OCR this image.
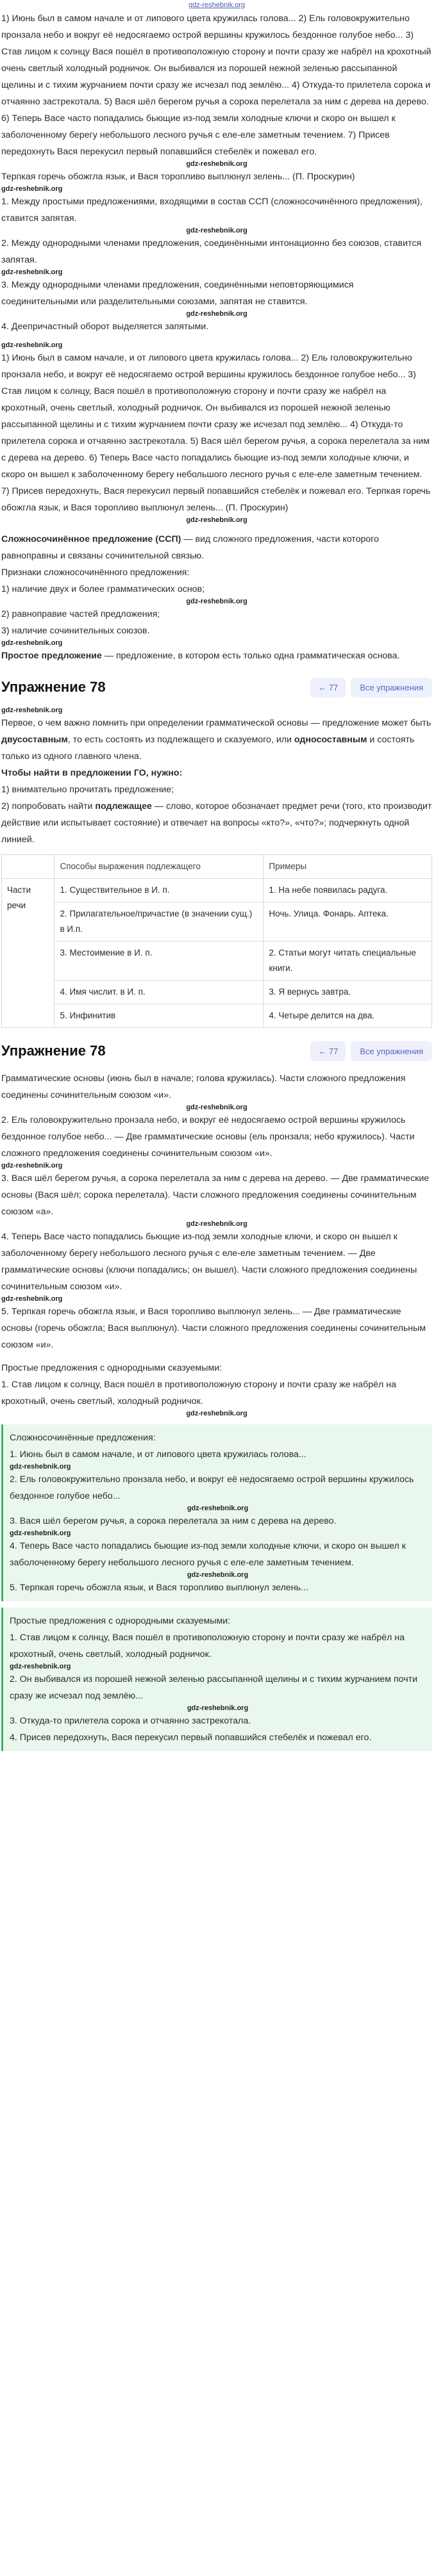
gdz-reshebnik.org

1) Июнь был в самом начале и от липового цвета кружилась голова... 2) Ель головокружительно пронзала небо и вокруг её недосягаемо острой вершины кружилось бездонное голубое небо... 3) Став лицом к солнцу Вася пошёл в противоположную сторону и почти сразу же набрёл на крохотный очень светлый холодный родничок. Он выбивался из порошей нежной зеленью рассыпанной щелины и с тихим журчанием почти сразу же исчезал под землёю... 4) Откуда-то прилетела сорока и отчаянно застрекотала. 5) Вася шёл берегом ручья а сорока перелетала за ним с дерева на дерево. 6) Теперь Васе часто попадались бьющие из-под земли холодные ключи и скоро он вышел к заболоченному берегу небольшого лесного ручья с еле-еле заметным течением. 7) Присев передохнуть Вася перекусил первый попавшийся стебелёк и пожевал его.

gdz-reshebnik.org

Терпкая горечь обожгла язык, и Вася торопливо выплюнул зелень... (П. Проскурин)

gdz-reshebnik.org

1. Между простыми предложениями, входящими в состав ССП (сложносочинённого предложения), ставится запятая.

gdz-reshebnik.org

2. Между однородными членами предложения, соединёнными интонационно без союзов, ставится запятая.

gdz-reshebnik.org

3. Между однородными членами предложения, соединёнными неповторяющимися соединительными или разделительными союзами, запятая не ставится.

gdz-reshebnik.org

4. Деепричастный оборот выделяется запятыми.

gdz-reshebnik.org

1) Июнь был в самом начале, и от липового цвета кружилась голова... 2) Ель головокружительно пронзала небо, и вокруг её недосягаемо острой вершины кружилось бездонное голубое небо... 3) Став лицом к солнцу, Вася пошёл в противоположную сторону и почти сразу же набрёл на крохотный, очень светлый, холодный родничок. Он выбивался из порошей нежной зеленью рассыпанной щелины и с тихим журчанием почти сразу же исчезал под землёю... 4) Откуда-то прилетела сорока и отчаянно застрекотала. 5) Вася шёл берегом ручья, а сорока перелетала за ним с дерева на дерево. 6) Теперь Васе часто попадались бьющие из-под земли холодные ключи, и скоро он вышел к заболоченному берегу небольшого лесного ручья с еле-еле заметным течением. 7) Присев передохнуть, Вася перекусил первый попавшийся стебелёк и пожевал его. Терпкая горечь обожгла язык, и Вася торопливо выплюнул зелень... (П. Проскурин)

gdz-reshebnik.org

Сложносочинённое предложение (ССП) — вид сложного предложения, части которого равноправны и связаны сочинительной связью.

Признаки сложносочинённого предложения:

1) наличие двух и более грамматических основ;

gdz-reshebnik.org

2) равноправие частей предложения;

3) наличие сочинительных союзов.

gdz-reshebnik.org

Простое предложение — предложение, в котором есть только одна грамматическая основа.

Упражнение 78	← 77	Все упражнения
gdz-reshebnik.org

Первое, о чем важно помнить при определении грамматической основы — предложение может быть двусоставным, то есть состоять из подлежащего и сказуемого, или односоставным и состоять только из одного главного члена.

Чтобы найти в предложении ГО, нужно:

1) внимательно прочитать предложение;

2) попробовать найти подлежащее — слово, которое обозначает предмет речи (того, кто производит действие или испытывает состояние) и отвечает на вопросы «кто?», «что?»; подчеркнуть одной линией.

	Способы выражения подлежащего	Примеры
Части речи	1. Существительное в И. п.	1. На небе появилась радуга.
	2. Прилагательное/причастие (в значении сущ.) в И.п.	Ночь. Улица. Фонарь. Аптека.
	3. Местоимение в И. п.	2. Статьи могут читать специальные книги.
	4. Имя числит. в И. п.	3. Я вернусь завтра.
	5. Инфинитив	4. Четыре делится на два.
Упражнение 78	← 77	Все упражнения

Грамматические основы (июнь был в начале; голова кружилась). Части сложного предложения соединены сочинительным союзом «и».

gdz-reshebnik.org

2. Ель головокружительно пронзала небо, и вокруг её недосягаемо острой вершины кружилось бездонное голубое небо... — Две грамматические основы (ель пронзала; небо кружилось). Части сложного предложения соединены сочинительным союзом «и».

gdz-reshebnik.org

3. Вася шёл берегом ручья, а сорока перелетала за ним с дерева на дерево. — Две грамматические основы (Вася шёл; сорока перелетала). Части сложного предложения соединены сочинительным союзом «а».

gdz-reshebnik.org

4. Теперь Васе часто попадались бьющие из-под земли холодные ключи, и скоро он вышел к заболоченному берегу небольшого лесного ручья с еле-еле заметным течением. — Две грамматические основы (ключи попадались; он вышел). Части сложного предложения соединены сочинительным союзом «и».

gdz-reshebnik.org

5. Терпкая горечь обожгла язык, и Вася торопливо выплюнул зелень... — Две грамматические основы (горечь обожгла; Вася выплюнул). Части сложного предложения соединены сочинительным союзом «и».

Простые предложения с однородными сказуемыми:

1. Став лицом к солнцу, Вася пошёл в противоположную сторону и почти сразу же набрёл на крохотный, очень светлый, холодный родничок.

gdz-reshebnik.org

Сложносочинённые предложения:

1. Июнь был в самом начале, и от липового цвета кружилась голова...

gdz-reshebnik.org

2. Ель головокружительно пронзала небо, и вокруг её недосягаемо острой вершины кружилось бездонное голубое небо...

gdz-reshebnik.org

3. Вася шёл берегом ручья, а сорока перелетала за ним с дерева на дерево.

gdz-reshebnik.org

4. Теперь Васе часто попадались бьющие из-под земли холодные ключи, и скоро он вышел к заболоченному берегу небольшого лесного ручья с еле-еле заметным течением.

gdz-reshebnik.org

5. Терпкая горечь обожгла язык, и Вася торопливо выплюнул зелень...

Простые предложения с однородными сказуемыми:

1. Став лицом к солнцу, Вася пошёл в противоположную сторону и почти сразу же набрёл на крохотный, очень светлый, холодный родничок.

gdz-reshebnik.org

2. Он выбивался из порошей нежной зеленью рассыпанной щелины и с тихим журчанием почти сразу же исчезал под землёю...

gdz-reshebnik.org

3. Откуда-то прилетела сорока и отчаянно застрекотала.

4. Присев передохнуть, Вася перекусил первый попавшийся стебелёк и пожевал его.
